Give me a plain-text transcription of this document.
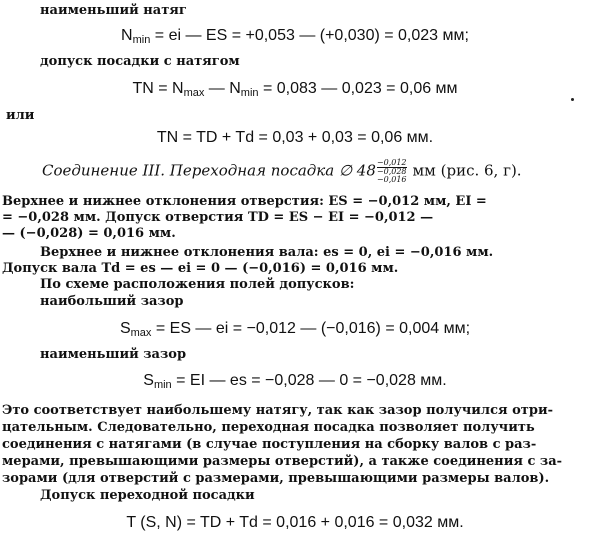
наименьший натяг
$N_{min}$ = ei — ES = +0,053 — (+0,030) = 0,023 мм;
допуск посадки с натягом
TN = $N_{max}$ — $N_{min} = 0,083$ — 0,023 = 0,06 мм
или
TN = TD + Td = 0,03 + 0,03 = 0,06 мм.
Соединение III. Переходная посадка ∅ 48 −0,012
−0,028
−0,016 мм (рис. 6, г).
Верхнее и нижнее отклонения отверстия: ES = −0,012 мм, EI =
= −0,028 мм. Допуск отверстия TD = ES − EI = −0,012 —
— (−0,028) = 0,016 мм.
Верхнее и нижнее отклонения вала: es = 0, ei = −0,016 мм.
Допуск вала Td = es — ei = 0 — (−0,016) = 0,016 мм.
По схеме расположения полей допусков:
наибольший зазор
$S_{max}$ = ES — ei = −0,012 — (−0,016) = 0,004 мм;
наименьший зазор
$S_{min}$ = EI — es = −0,028 — 0 = −0,028 мм.
Это соответствует наибольшему натягу, так как зазор получился отри-
цательным. Следовательно, переходная посадка позволяет получить
соединения с натягами (в случае поступления на сборку валов с раз-
мерами, превышающими размеры отверстий), а также соединения с за-
зорами (для отверстий с размерами, превышающими размеры валов).
Допуск переходной посадки
T (S, N) = TD + Td = 0,016 + 0,016 = 0,032 мм.
